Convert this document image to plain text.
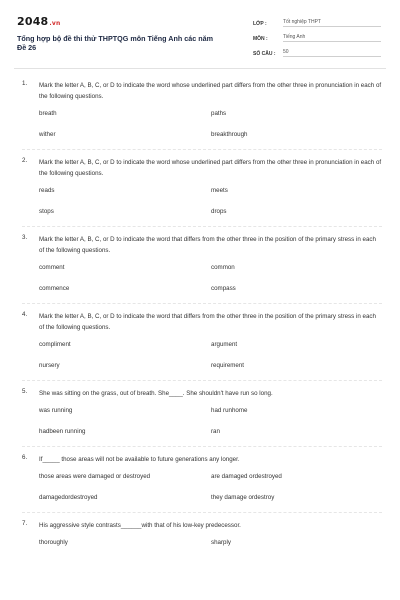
2048.vn
Tổng hợp bộ đề thi thử THPTQG môn Tiếng Anh các năm
Đề 26
LỚP :	Tốt nghiệp THPT
MÔN :	Tiếng Anh
SỐ CÂU :	50
1. Mark the letter A, B, C, or D to indicate the word whose underlined part differs from the other three in pronunciation in each of the following questions.
breath	paths
wither	breakthrough
2. Mark the letter A, B, C, or D to indicate the word whose underlined part differs from the other three in pronunciation in each of the following questions.
reads	meets
stops	drops
3. Mark the letter A, B, C, or D to indicate the word that differs from the other three in the position of the primary stress in each of the following questions.
comment	common
commence	compass
4. Mark the letter A, B, C, or D to indicate the word that differs from the other three in the position of the primary stress in each of the following questions.
compliment	argument
nursery	requirement
5. She was sitting on the grass, out of breath. She____. She shouldn't have run so long.
was running	had runhome
hadbeen running	ran
6. If_____ those areas will not be available to future generations any longer.
those areas were damaged or destroyed	are damaged ordestroyed
damagedordestroyed	they damage ordestroy
7. His aggressive style contrasts______with that of his low-key predecessor.
thoroughly	sharply
